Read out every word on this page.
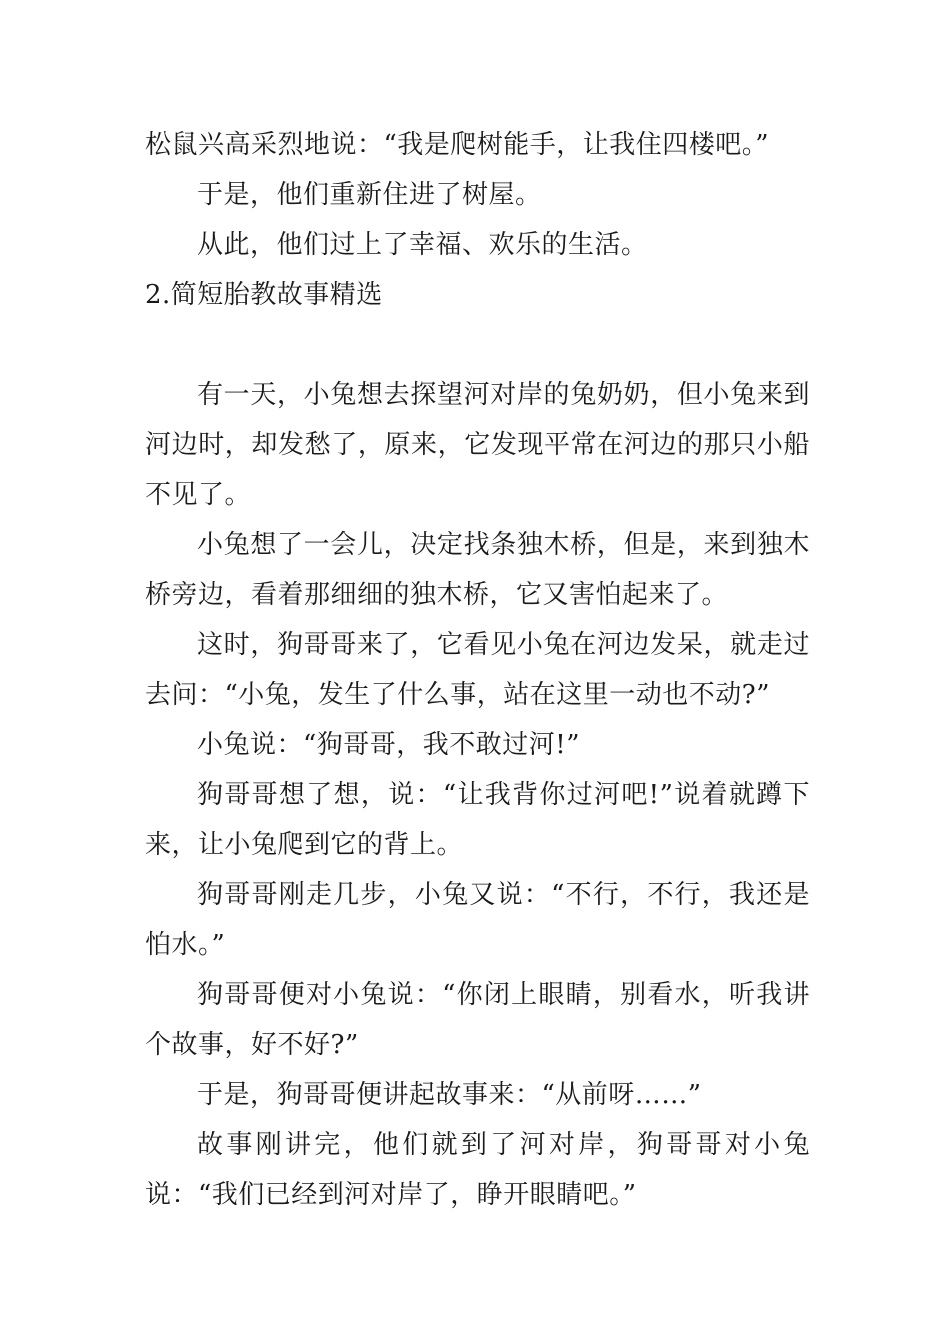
松鼠兴高采烈地说：“我是爬树能手，让我住四楼吧。”

于是，他们重新住进了树屋。

从此，他们过上了幸福、欢乐的生活。

2.简短胎教故事精选

有一天，小兔想去探望河对岸的兔奶奶，但小兔来到河边时，却发愁了，原来，它发现平常在河边的那只小船不见了。

小兔想了一会儿，决定找条独木桥，但是，来到独木桥旁边，看着那细细的独木桥，它又害怕起来了。

这时，狗哥哥来了，它看见小兔在河边发呆，就走过去问：“小兔，发生了什么事，站在这里一动也不动?”

小兔说：“狗哥哥，我不敢过河!”

狗哥哥想了想，说：“让我背你过河吧!”说着就蹲下来，让小兔爬到它的背上。

狗哥哥刚走几步，小兔又说：“不行，不行，我还是怕水。”

狗哥哥便对小兔说：“你闭上眼睛，别看水，听我讲个故事，好不好?”

于是，狗哥哥便讲起故事来：“从前呀……”

故事刚讲完，他们就到了河对岸，狗哥哥对小兔说：“我们已经到河对岸了，睁开眼睛吧。”
